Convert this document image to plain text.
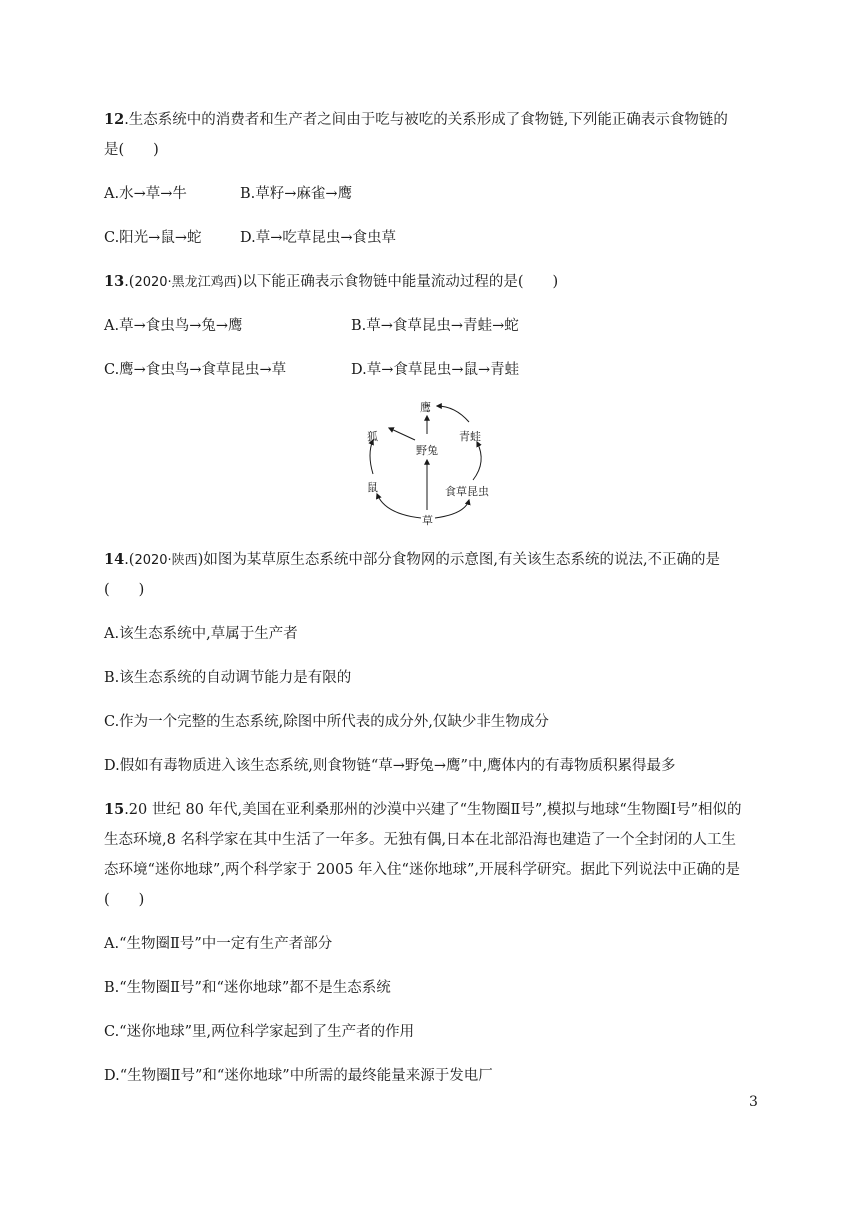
12.生态系统中的消费者和生产者之间由于吃与被吃的关系形成了食物链,下列能正确表示食物链的
是(　　)
A.水→草→牛	B.草籽→麻雀→鹰
C.阳光→鼠→蛇	D.草→吃草昆虫→食虫草
13.(2020·黑龙江鸡西)以下能正确表示食物链中能量流动过程的是(　　)
A.草→食虫鸟→兔→鹰	B.草→食草昆虫→青蛙→蛇
C.鹰→食虫鸟→食草昆虫→草	D.草→食草昆虫→鼠→青蛙
鹰
狐	青蛙
野兔
鼠	食草昆虫
草
14.(2020·陕西)如图为某草原生态系统中部分食物网的示意图,有关该生态系统的说法,不正确的是
(　　)
A.该生态系统中,草属于生产者
B.该生态系统的自动调节能力是有限的
C.作为一个完整的生态系统,除图中所代表的成分外,仅缺少非生物成分
D.假如有毒物质进入该生态系统,则食物链“草→野兔→鹰”中,鹰体内的有毒物质积累得最多
15.20 世纪 80 年代,美国在亚利桑那州的沙漠中兴建了“生物圈Ⅱ号”,模拟与地球“生物圈Ⅰ号”相似的
生态环境,8 名科学家在其中生活了一年多。无独有偶,日本在北部沿海也建造了一个全封闭的人工生
态环境“迷你地球”,两个科学家于 2005 年入住“迷你地球”,开展科学研究。据此下列说法中正确的是
(　　)
A.“生物圈Ⅱ号”中一定有生产者部分
B.“生物圈Ⅱ号”和“迷你地球”都不是生态系统
C.“迷你地球”里,两位科学家起到了生产者的作用
D.“生物圈Ⅱ号”和“迷你地球”中所需的最终能量来源于发电厂
3
